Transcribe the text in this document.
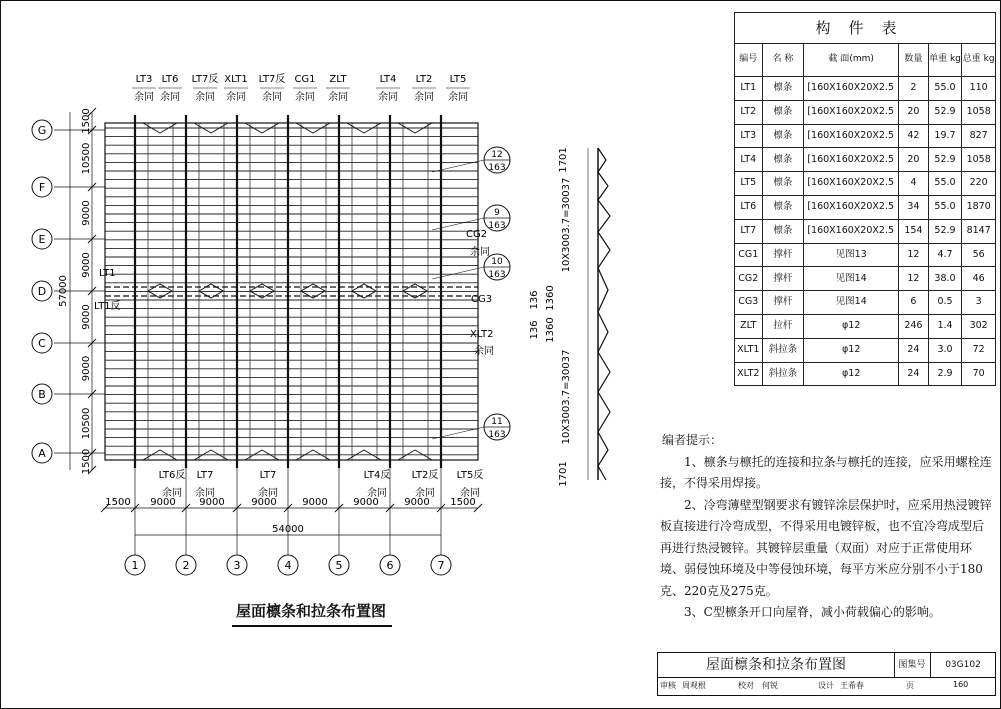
G
F
E
D
C
B
A
1	2	3	4	5	6	7
1500
10500
9000
9000
9000
9000
10500
1500
57000
1500 9000 9000	9000	9000	9000	9000 1500
54000
LT3
余同
LT6
余同
LT7反
余同
XLT1
余同
LT7反
余同
CG1
余同
ZLT
余同
LT4
余同
LT2
余同
LT5
余同
LT6反
余同
LT7
余同
LT7
余同
LT4反
余同
LT2反
余同
LT5反
余同
LT1
LT1反
CG2
余同
CG3
XLT2
余同
12
163
9
163
10
163
11
163
10X3003.7=30037
10X3003.7=30037
136
136
1360
1360
1701
1701
屋面檩条和拉条布置图
构件表					
编号	名 称	截 面(mm)	数量	单重 kg	总重 kg
LT1	檩条	[160X160X20X2.5	2	55.0	110
LT2	檩条	[160X160X20X2.5	20	52.9	1058
LT3	檩条	[160X160X20X2.5	42	19.7	827
LT4	檩条	[160X160X20X2.5	20	52.9	1058
LT5	檩条	[160X160X20X2.5	4	55.0	220
LT6	檩条	[160X160X20X2.5	34	55.0	1870
LT7	檩条	[160X160X20X2.5	154	52.9	8147
CG1	撑杆	见图13	12	4.7	56
CG2	撑杆	见图14	12	38.0	46
CG3	撑杆	见图14	6	0.5	3
ZLT	拉杆	φ12	246	1.4	302
XLT1	斜拉条	φ12	24	3.0	72
XLT2	斜拉条	φ12	24	2.9	70

编者提示：

1、檩条与檩托的连接和拉条与檩托的连接，应采用螺栓连接，不得采用焊接。

2、冷弯薄壁型钢要求有镀锌涂层保护时，应采用热浸镀锌板直接进行冷弯成型，不得采用电镀锌板，也不宜冷弯成型后再进行热浸镀锌。其镀锌层重量（双面）对应于正常使用环境、弱侵蚀环境及中等侵蚀环境，每平方米应分别不小于180克、220克及275克。

3、C型檩条开口向屋脊，减小荷载偏心的影响。

屋面檩条和拉条布置图	图集号	03G102
审核 周观根	校对 何锐	设计 王希春	页	160
